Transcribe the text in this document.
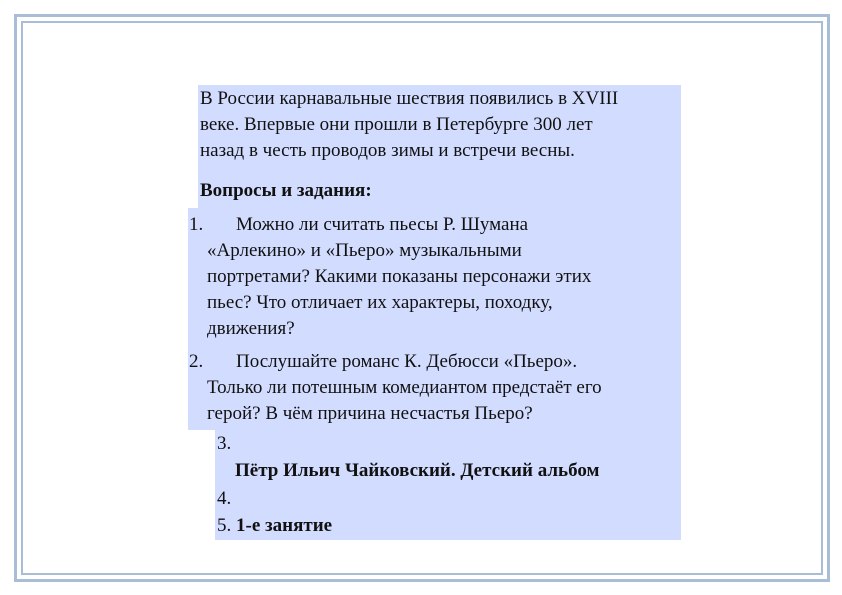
В России карнавальные шествия появились в XVIII
веке. Впервые они прошли в Петербурге 300 лет
назад в честь проводов зимы и встречи весны.
Вопросы и задания:
1. Можно ли считать пьесы Р. Шумана
«Арлекино» и «Пьеро» музыкальными
портретами? Какими показаны персонажи этих
пьес? Что отличает их характеры, походку,
движения?
2. Послушайте романс К. Дебюсси «Пьеро».
Только ли потешным комедиантом предстаёт его
герой? В чём причина несчастья Пьеро?
3.
Пётр Ильич Чайковский. Детский альбом
4.
5. 1-е занятие
